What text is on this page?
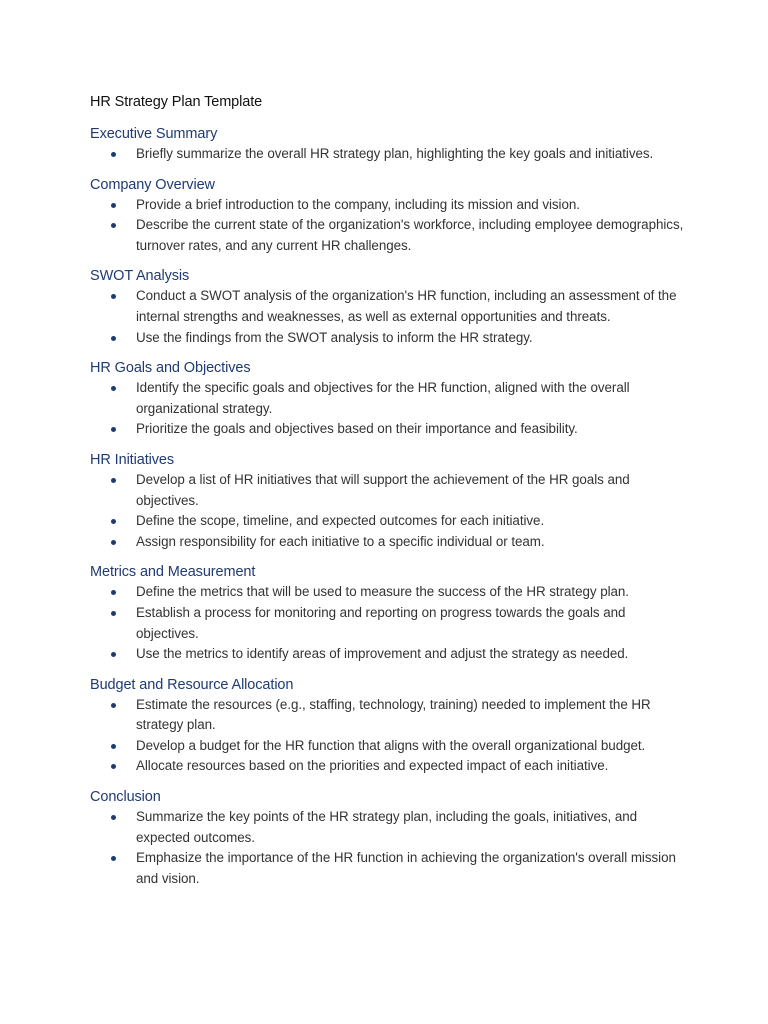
HR Strategy Plan Template
Executive Summary
Briefly summarize the overall HR strategy plan, highlighting the key goals and initiatives.
Company Overview
Provide a brief introduction to the company, including its mission and vision.
Describe the current state of the organization's workforce, including employee demographics, turnover rates, and any current HR challenges.
SWOT Analysis
Conduct a SWOT analysis of the organization's HR function, including an assessment of the internal strengths and weaknesses, as well as external opportunities and threats.
Use the findings from the SWOT analysis to inform the HR strategy.
HR Goals and Objectives
Identify the specific goals and objectives for the HR function, aligned with the overall organizational strategy.
Prioritize the goals and objectives based on their importance and feasibility.
HR Initiatives
Develop a list of HR initiatives that will support the achievement of the HR goals and objectives.
Define the scope, timeline, and expected outcomes for each initiative.
Assign responsibility for each initiative to a specific individual or team.
Metrics and Measurement
Define the metrics that will be used to measure the success of the HR strategy plan.
Establish a process for monitoring and reporting on progress towards the goals and objectives.
Use the metrics to identify areas of improvement and adjust the strategy as needed.
Budget and Resource Allocation
Estimate the resources (e.g., staffing, technology, training) needed to implement the HR strategy plan.
Develop a budget for the HR function that aligns with the overall organizational budget.
Allocate resources based on the priorities and expected impact of each initiative.
Conclusion
Summarize the key points of the HR strategy plan, including the goals, initiatives, and expected outcomes.
Emphasize the importance of the HR function in achieving the organization's overall mission and vision.
